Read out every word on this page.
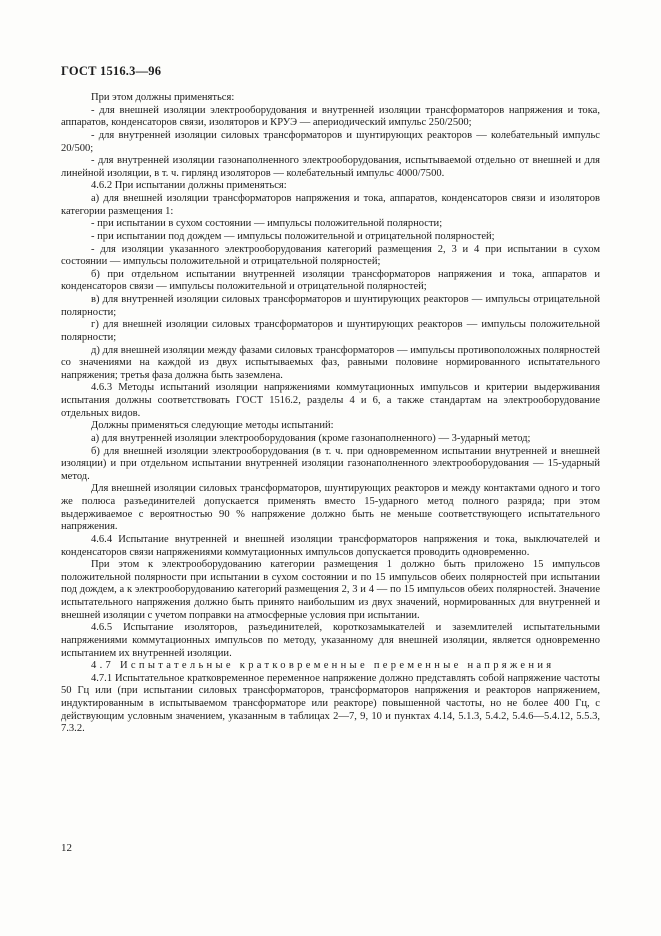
ГОСТ 1516.3—96

При этом должны применяться:

- для внешней изоляции электрооборудования и внутренней изоляции трансформаторов напряжения и тока, аппаратов, конденсаторов связи, изоляторов и КРУЭ — апериодический импульс 250/2500;

- для внутренней изоляции силовых трансформаторов и шунтирующих реакторов — колебательный импульс 20/500;

- для внутренней изоляции газонаполненного электрооборудования, испытываемой отдельно от внешней и для линейной изоляции, в т. ч. гирлянд изоляторов — колебательный импульс 4000/7500.

4.6.2 При испытании должны применяться:

а) для внешней изоляции трансформаторов напряжения и тока, аппаратов, конденсаторов связи и изоляторов категории размещения 1:

- при испытании в сухом состоянии — импульсы положительной полярности;

- при испытании под дождем — импульсы положительной и отрицательной полярностей;

- для изоляции указанного электрооборудования категорий размещения 2, 3 и 4 при испытании в сухом состоянии — импульсы положительной и отрицательной полярностей;

б) при отдельном испытании внутренней изоляции трансформаторов напряжения и тока, аппаратов и конденсаторов связи — импульсы положительной и отрицательной полярностей;

в) для внутренней изоляции силовых трансформаторов и шунтирующих реакторов — импульсы отрицательной полярности;

г) для внешней изоляции силовых трансформаторов и шунтирующих реакторов — импульсы положительной полярности;

д) для внешней изоляции между фазами силовых трансформаторов — импульсы противоположных полярностей со значениями на каждой из двух испытываемых фаз, равными половине нормированного испытательного напряжения; третья фаза должна быть заземлена.

4.6.3 Методы испытаний изоляции напряжениями коммутационных импульсов и критерии выдерживания испытания должны соответствовать ГОСТ 1516.2, разделы 4 и 6, а также стандартам на электрооборудование отдельных видов.

Должны применяться следующие методы испытаний:

а) для внутренней изоляции электрооборудования (кроме газонаполненного) — 3-ударный метод;

б) для внешней изоляции электрооборудования (в т. ч. при одновременном испытании внутренней и внешней изоляции) и при отдельном испытании внутренней изоляции газонаполненного электрооборудования — 15-ударный метод.

Для внешней изоляции силовых трансформаторов, шунтирующих реакторов и между контактами одного и того же полюса разъединителей допускается применять вместо 15-ударного метод полного разряда; при этом выдерживаемое с вероятностью 90 % напряжение должно быть не меньше соответствующего испытательного напряжения.

4.6.4 Испытание внутренней и внешней изоляции трансформаторов напряжения и тока, выключателей и конденсаторов связи напряжениями коммутационных импульсов допускается проводить одновременно.

При этом к электрооборудованию категории размещения 1 должно быть приложено 15 импульсов положительной полярности при испытании в сухом состоянии и по 15 импульсов обеих полярностей при испытании под дождем, а к электрооборудованию категорий размещения 2, 3 и 4 — по 15 импульсов обеих полярностей. Значение испытательного напряжения должно быть принято наибольшим из двух значений, нормированных для внутренней и внешней изоляции с учетом поправки на атмосферные условия при испытании.

4.6.5 Испытание изоляторов, разъединителей, короткозамыкателей и заземлителей испытательными напряжениями коммутационных импульсов по методу, указанному для внешней изоляции, является одновременно испытанием их внутренней изоляции.

4.7 Испытательные кратковременные переменные напряжения

4.7.1 Испытательное кратковременное переменное напряжение должно представлять собой напряжение частоты 50 Гц или (при испытании силовых трансформаторов, трансформаторов напряжения и реакторов напряжением, индуктированным в испытываемом трансформаторе или реакторе) повышенной частоты, но не более 400 Гц, с действующим условным значением, указанным в таблицах 2—7, 9, 10 и пунктах 4.14, 5.1.3, 5.4.2, 5.4.6—5.4.12, 5.5.3, 7.3.2.

12
